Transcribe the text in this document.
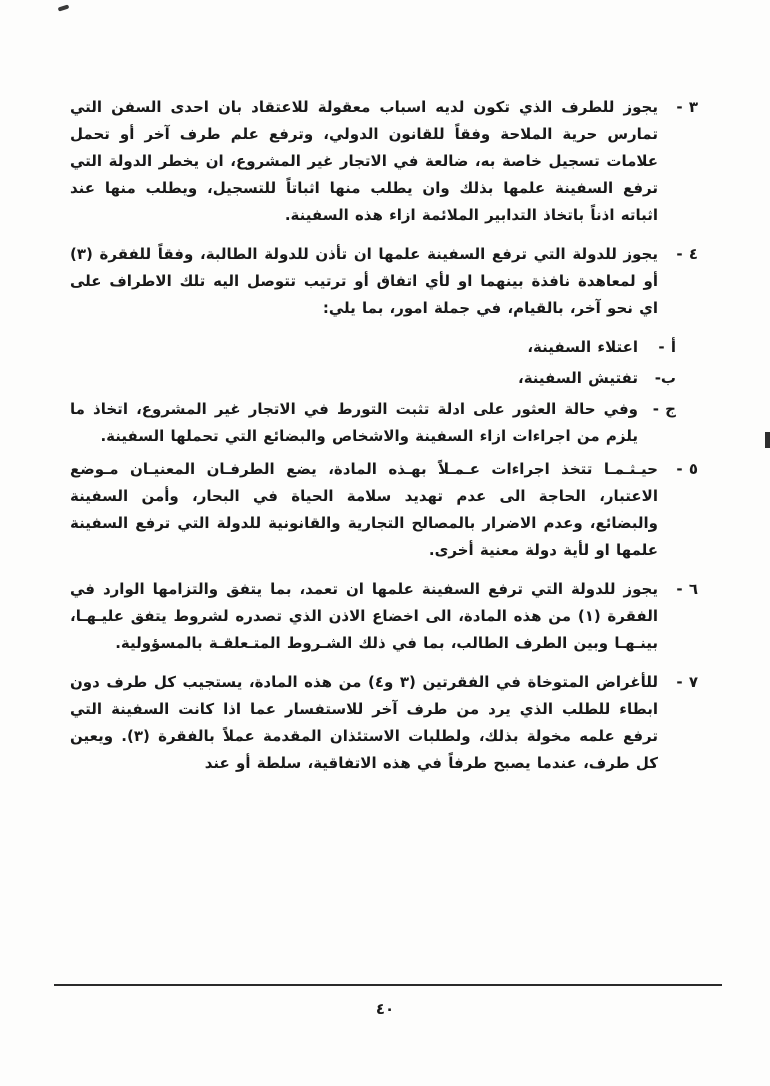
٣ -
يجوز للطرف الذي تكون لديه اسباب معقولة للاعتقاد بان احدى السفن التي تمارس حرية الملاحة وفقاً للقانون الدولي، وترفع علم طرف آخر أو تحمل علامات تسجيل خاصة به، ضالعة في الاتجار غير المشروع، ان يخطر الدولة التي ترفع السفينة علمها بذلك وان يطلب منها اثباتاً للتسجيل، ويطلب منها عند اثباته اذناً باتخاذ التدابير الملائمة ازاء هذه السفينة.
٤ -
يجوز للدولة التي ترفع السفينة علمها ان تأذن للدولة الطالبة، وفقاً للفقرة (٣) أو لمعاهدة نافذة بينهما او لأي اتفاق أو ترتيب تتوصل اليه تلك الاطراف على اي نحو آخر، بالقيام، في جملة امور، بما يلي:
أ -
اعتلاء السفينة،
ب-
تفتيش السفينة،
ج -
وفي حالة العثور على ادلة تثبت التورط في الاتجار غير المشروع، اتخاذ ما يلزم من اجراءات ازاء السفينة والاشخاص والبضائع التي تحملها السفينة.
٥ -
حيـثـمـا تتخذ اجراءات عـمـلاً بهـذه المادة، يضع الطرفـان المعنيـان مـوضع الاعتبار، الحاجة الى عدم تهديد سلامة الحياة في البحار، وأمن السفينة والبضائع، وعدم الاضرار بالمصالح التجارية والقانونية للدولة التي ترفع السفينة علمها او لأية دولة معنية أخرى.
٦ -
يجوز للدولة التي ترفع السفينة علمها ان تعمد، بما يتفق والتزامها الوارد في الفقرة (١) من هذه المادة، الى اخضاع الاذن الذي تصدره لشروط يتفق عليـهـا، بينـهـا وبين الطرف الطالب، بما في ذلك الشـروط المتـعلقـة بالمسؤولية.
٧ -
للأغراض المتوخاة في الفقرتين (٣ و٤) من هذه المادة، يستجيب كل طرف دون ابطاء للطلب الذي يرد من طرف آخر للاستفسار عما اذا كانت السفينة التي ترفع علمه مخولة بذلك، ولطلبات الاستئذان المقدمة عملاً بالفقرة (٣). ويعين كل طرف، عندما يصبح طرفاً في هذه الاتفاقية، سلطة أو عند
٤٠
